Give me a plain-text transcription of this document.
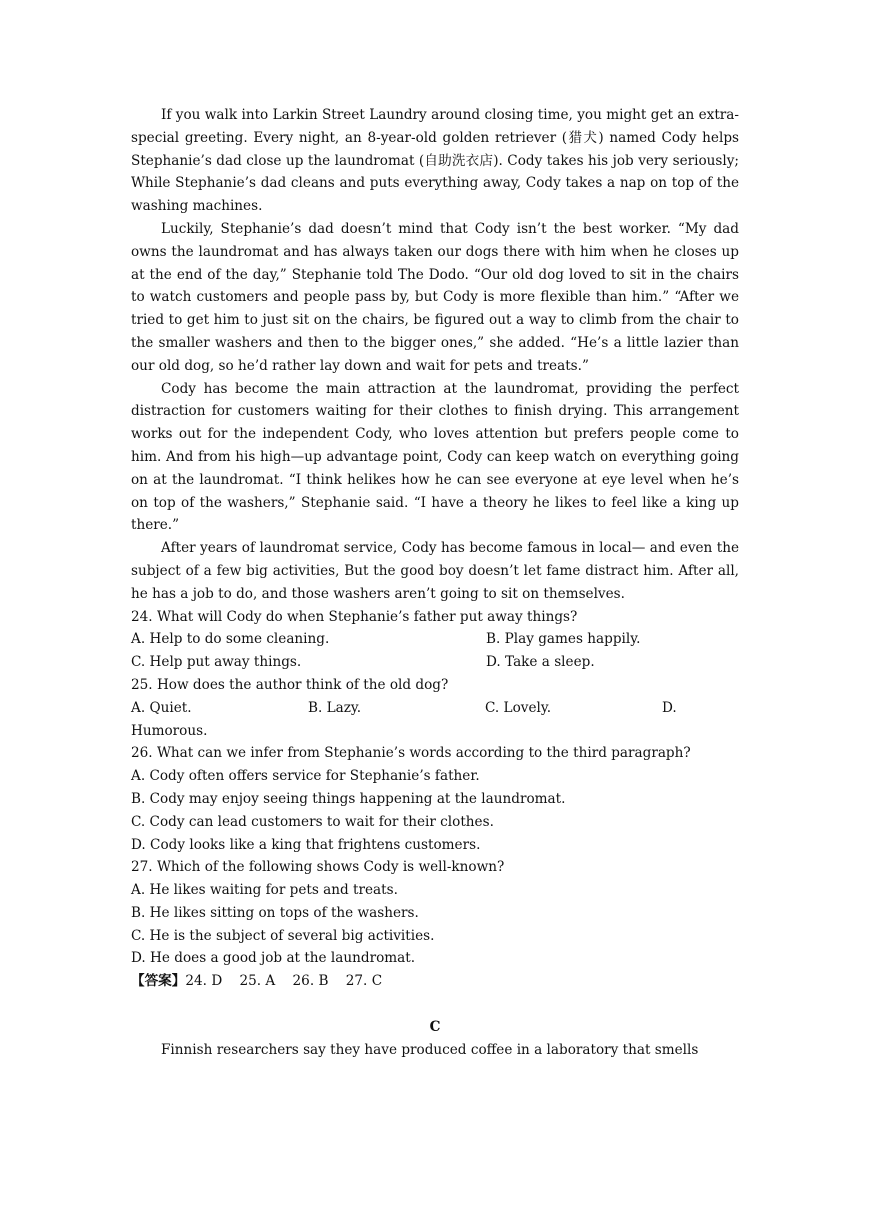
If you walk into Larkin Street Laundry around closing time, you might get an extra-special greeting. Every night, an 8-year-old golden retriever (猎犬) named Cody helps Stephanie’s dad close up the laundromat (自助洗衣店). Cody takes his job very seriously; While Stephanie’s dad cleans and puts everything away, Cody takes a nap on top of the washing machines.

Luckily, Stephanie’s dad doesn’t mind that Cody isn’t the best worker. “My dad owns the laundromat and has always taken our dogs there with him when he closes up at the end of the day,” Stephanie told The Dodo. “Our old dog loved to sit in the chairs to watch customers and people pass by, but Cody is more flexible than him.” “After we tried to get him to just sit on the chairs, be figured out a way to climb from the chair to the smaller washers and then to the bigger ones,” she added. “He’s a little lazier than our old dog, so he’d rather lay down and wait for pets and treats.”

Cody has become the main attraction at the laundromat, providing the perfect distraction for customers waiting for their clothes to finish drying. This arrangement works out for the independent Cody, who loves attention but prefers people come to him. And from his high—up advantage point, Cody can keep watch on everything going on at the laundromat. “I think helikes how he can see everyone at eye level when he’s on top of the washers,” Stephanie said. “I have a theory he likes to feel like a king up there.”

After years of laundromat service, Cody has become famous in local— and even the subject of a few big activities, But the good boy doesn’t let fame distract him. After all, he has a job to do, and those washers aren’t going to sit on themselves.

24. What will Cody do when Stephanie’s father put away things?

A. Help to do some cleaning.	B. Play games happily.
C. Help put away things.	D. Take a sleep.

25. How does the author think of the old dog?

A. Quiet.	B. Lazy.	C. Lovely.	D.

Humorous.

26. What can we infer from Stephanie’s words according to the third paragraph?

A. Cody often offers service for Stephanie’s father.

B. Cody may enjoy seeing things happening at the laundromat.

C. Cody can lead customers to wait for their clothes.

D. Cody looks like a king that frightens customers.

27. Which of the following shows Cody is well-known?

A. He likes waiting for pets and treats.

B. He likes sitting on tops of the washers.

C. He is the subject of several big activities.

D. He does a good job at the laundromat.

【答案】24. D    25. A    26. B    27. C

C

Finnish researchers say they have produced coffee in a laboratory that smells
